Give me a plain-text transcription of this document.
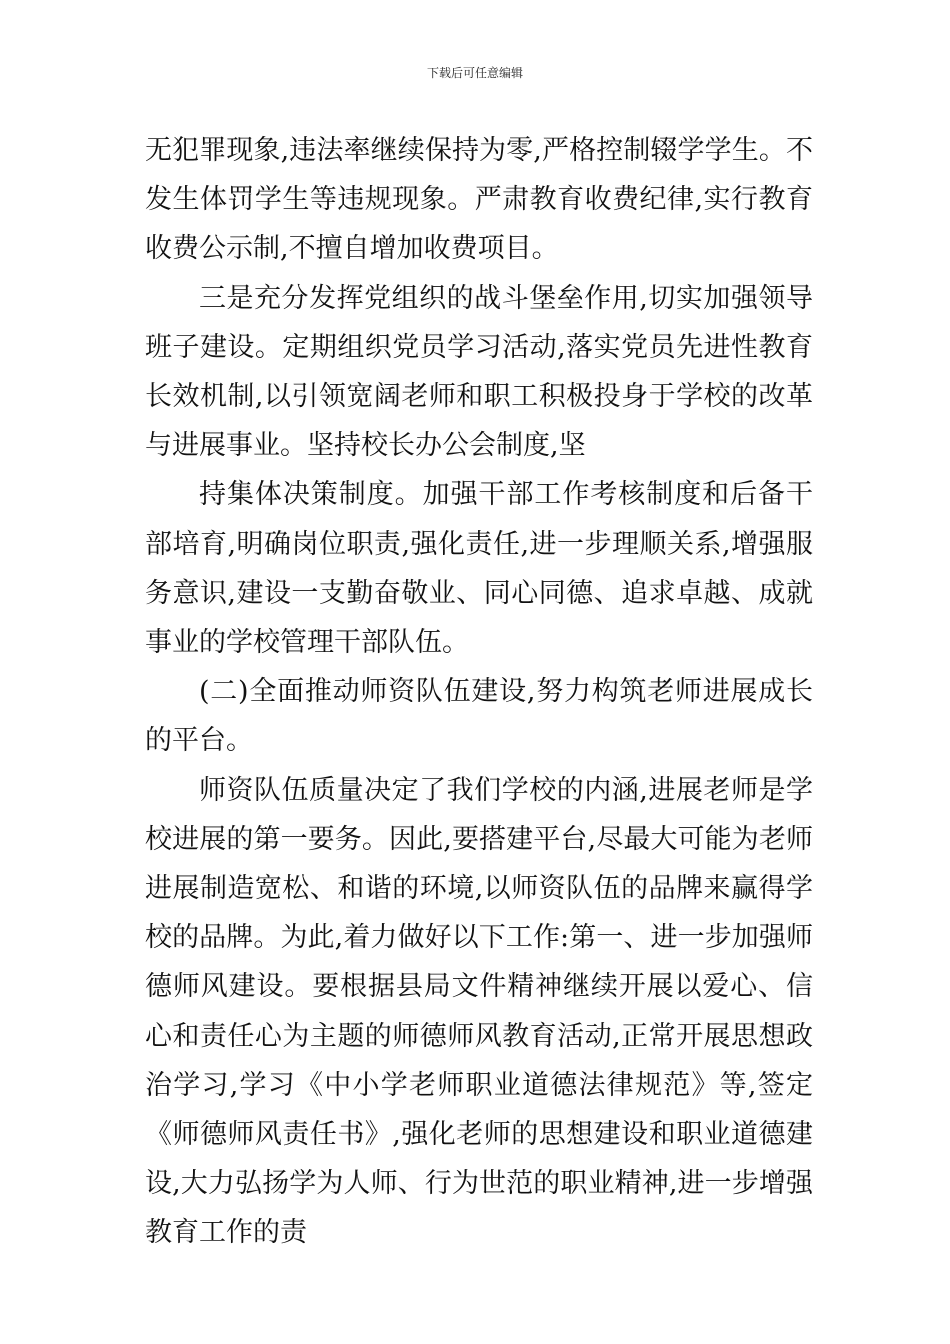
下载后可任意编辑

无犯罪现象,违法率继续保持为零,严格控制辍学学生。不发生体罚学生等违规现象。严肃教育收费纪律,实行教育收费公示制,不擅自增加收费项目。

三是充分发挥党组织的战斗堡垒作用,切实加强领导班子建设。定期组织党员学习活动,落实党员先进性教育长效机制,以引领宽阔老师和职工积极投身于学校的改革与进展事业。坚持校长办公会制度,坚

持集体决策制度。加强干部工作考核制度和后备干部培育,明确岗位职责,强化责任,进一步理顺关系,增强服务意识,建设一支勤奋敬业、同心同德、追求卓越、成就事业的学校管理干部队伍。

(二)全面推动师资队伍建设,努力构筑老师进展成长的平台。

师资队伍质量决定了我们学校的内涵,进展老师是学校进展的第一要务。因此,要搭建平台,尽最大可能为老师进展制造宽松、和谐的环境,以师资队伍的品牌来赢得学校的品牌。为此,着力做好以下工作:第一、进一步加强师德师风建设。要根据县局文件精神继续开展以爱心、信心和责任心为主题的师德师风教育活动,正常开展思想政治学习,学习《中小学老师职业道德法律规范》等,签定《师德师风责任书》,强化老师的思想建设和职业道德建设,大力弘扬学为人师、行为世范的职业精神,进一步增强教育工作的责
